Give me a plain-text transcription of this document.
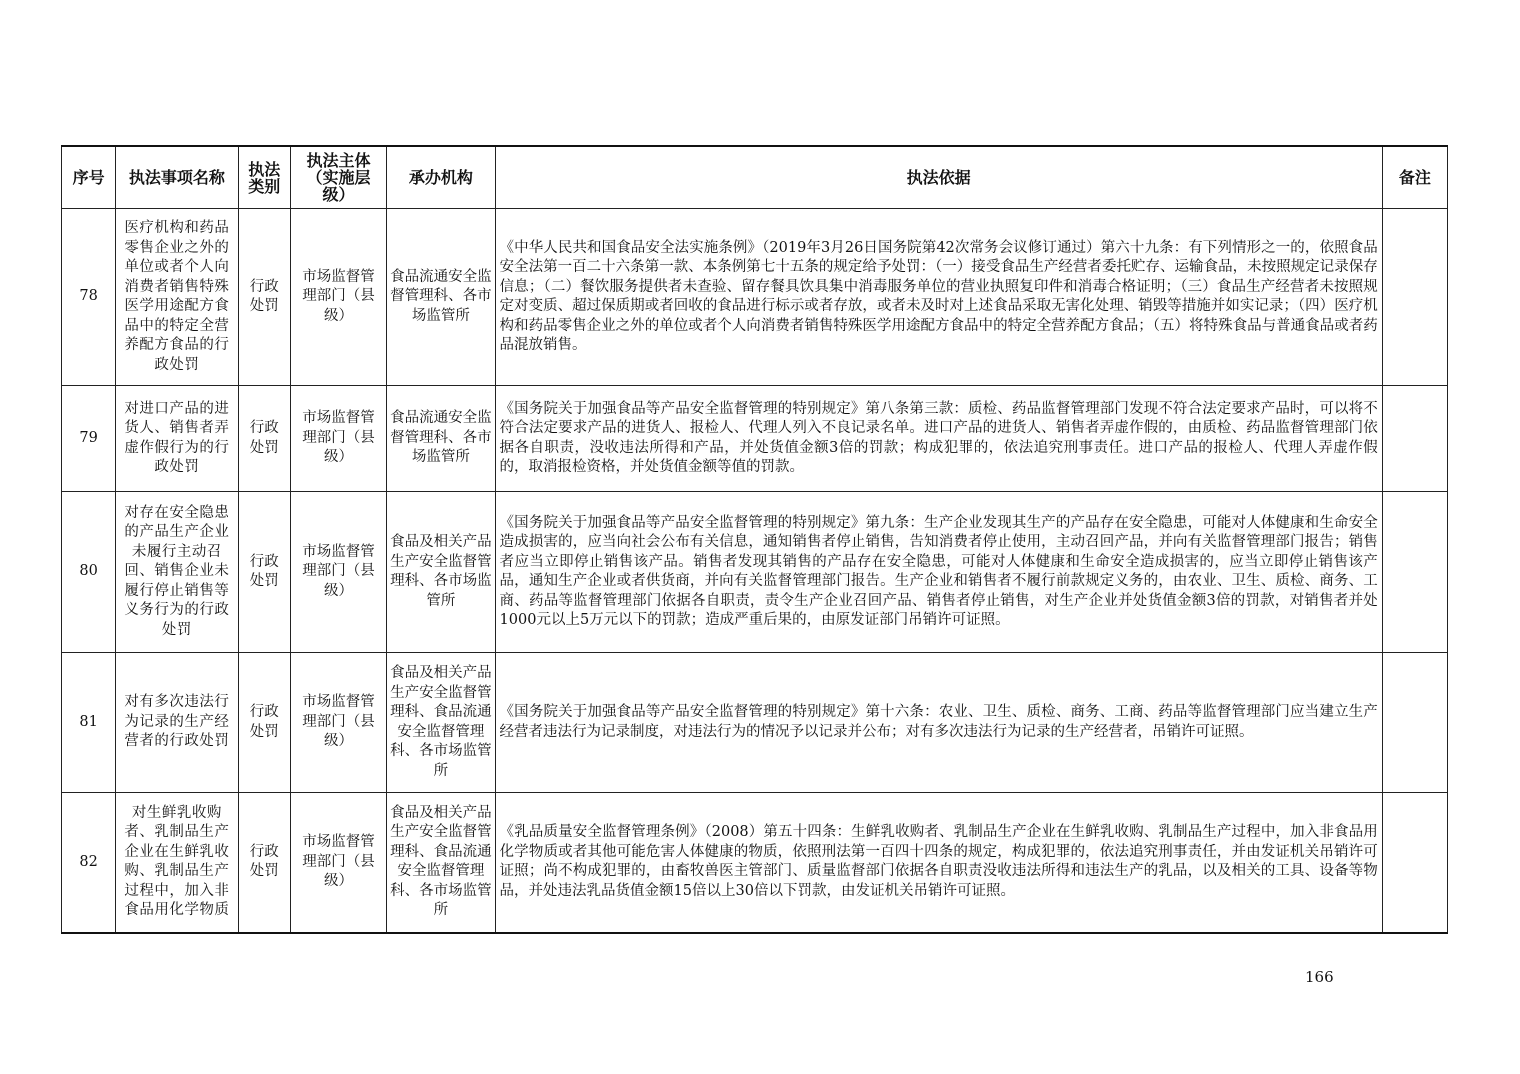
序号	执法事项名称	执法类别	执法主体（实施层级）	承办机构	执法依据	备注
78	医疗机构和药品零售企业之外的单位或者个人向消费者销售特殊医学用途配方食品中的特定全营养配方食品的行政处罚	行政处罚	市场监督管理部门（县级）	食品流通安全监督管理科、各市场监管所	《中华人民共和国食品安全法实施条例》（2019年3月26日国务院第42次常务会议修订通过）第六十九条：有下列情形之一的，依照食品安全法第一百二十六条第一款、本条例第七十五条的规定给予处罚：（一）接受食品生产经营者委托贮存、运输食品，未按照规定记录保存信息；（二）餐饮服务提供者未查验、留存餐具饮具集中消毒服务单位的营业执照复印件和消毒合格证明；（三）食品生产经营者未按照规定对变质、超过保质期或者回收的食品进行标示或者存放，或者未及时对上述食品采取无害化处理、销毁等措施并如实记录；（四）医疗机构和药品零售企业之外的单位或者个人向消费者销售特殊医学用途配方食品中的特定全营养配方食品；（五）将特殊食品与普通食品或者药品混放销售。	
79	对进口产品的进货人、销售者弄虚作假行为的行政处罚	行政处罚	市场监督管理部门（县级）	食品流通安全监督管理科、各市场监管所	《国务院关于加强食品等产品安全监督管理的特别规定》第八条第三款：质检、药品监督管理部门发现不符合法定要求产品时，可以将不符合法定要求产品的进货人、报检人、代理人列入不良记录名单。进口产品的进货人、销售者弄虚作假的，由质检、药品监督管理部门依据各自职责，没收违法所得和产品，并处货值金额3倍的罚款；构成犯罪的，依法追究刑事责任。进口产品的报检人、代理人弄虚作假的，取消报检资格，并处货值金额等值的罚款。	
80	对存在安全隐患的产品生产企业未履行主动召回、销售企业未履行停止销售等义务行为的行政处罚	行政处罚	市场监督管理部门（县级）	食品及相关产品生产安全监督管理科、各市场监管所	《国务院关于加强食品等产品安全监督管理的特别规定》第九条：生产企业发现其生产的产品存在安全隐患，可能对人体健康和生命安全造成损害的，应当向社会公布有关信息，通知销售者停止销售，告知消费者停止使用，主动召回产品，并向有关监督管理部门报告；销售者应当立即停止销售该产品。销售者发现其销售的产品存在安全隐患，可能对人体健康和生命安全造成损害的，应当立即停止销售该产品，通知生产企业或者供货商，并向有关监督管理部门报告。生产企业和销售者不履行前款规定义务的，由农业、卫生、质检、商务、工商、药品等监督管理部门依据各自职责，责令生产企业召回产品、销售者停止销售，对生产企业并处货值金额3倍的罚款，对销售者并处1000元以上5万元以下的罚款；造成严重后果的，由原发证部门吊销许可证照。	
81	对有多次违法行为记录的生产经营者的行政处罚	行政处罚	市场监督管理部门（县级）	食品及相关产品生产安全监督管理科、食品流通安全监督管理科、各市场监管所	《国务院关于加强食品等产品安全监督管理的特别规定》第十六条：农业、卫生、质检、商务、工商、药品等监督管理部门应当建立生产经营者违法行为记录制度，对违法行为的情况予以记录并公布；对有多次违法行为记录的生产经营者，吊销许可证照。	
82	对生鲜乳收购者、乳制品生产企业在生鲜乳收购、乳制品生产过程中，加入非食品用化学物质	行政处罚	市场监督管理部门（县级）	食品及相关产品生产安全监督管理科、食品流通安全监督管理科、各市场监管所	《乳品质量安全监督管理条例》（2008）第五十四条：生鲜乳收购者、乳制品生产企业在生鲜乳收购、乳制品生产过程中，加入非食品用化学物质或者其他可能危害人体健康的物质，依照刑法第一百四十四条的规定，构成犯罪的，依法追究刑事责任，并由发证机关吊销许可证照；尚不构成犯罪的，由畜牧兽医主管部门、质量监督部门依据各自职责没收违法所得和违法生产的乳品，以及相关的工具、设备等物品，并处违法乳品货值金额15倍以上30倍以下罚款，由发证机关吊销许可证照。	
166
